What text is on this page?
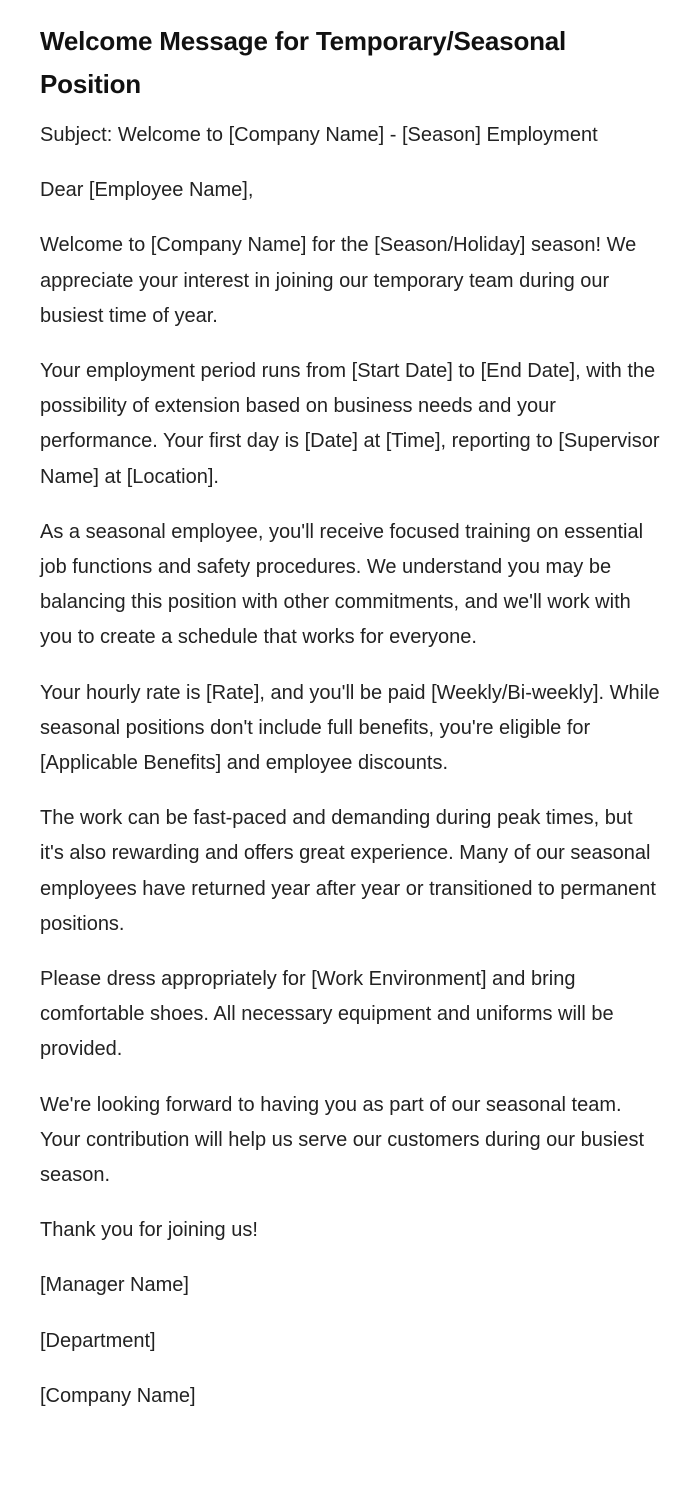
Welcome Message for Temporary/Seasonal Position

Subject: Welcome to [Company Name] - [Season] Employment

Dear [Employee Name],

Welcome to [Company Name] for the [Season/Holiday] season! We appreciate your interest in joining our temporary team during our busiest time of year.

Your employment period runs from [Start Date] to [End Date], with the possibility of extension based on business needs and your performance. Your first day is [Date] at [Time], reporting to [Supervisor Name] at [Location].

As a seasonal employee, you'll receive focused training on essential job functions and safety procedures. We understand you may be balancing this position with other commitments, and we'll work with you to create a schedule that works for everyone.

Your hourly rate is [Rate], and you'll be paid [Weekly/Bi-weekly]. While seasonal positions don't include full benefits, you're eligible for [Applicable Benefits] and employee discounts.

The work can be fast-paced and demanding during peak times, but it's also rewarding and offers great experience. Many of our seasonal employees have returned year after year or transitioned to permanent positions.

Please dress appropriately for [Work Environment] and bring comfortable shoes. All necessary equipment and uniforms will be provided.

We're looking forward to having you as part of our seasonal team. Your contribution will help us serve our customers during our busiest season.

Thank you for joining us!

[Manager Name]

[Department]

[Company Name]
